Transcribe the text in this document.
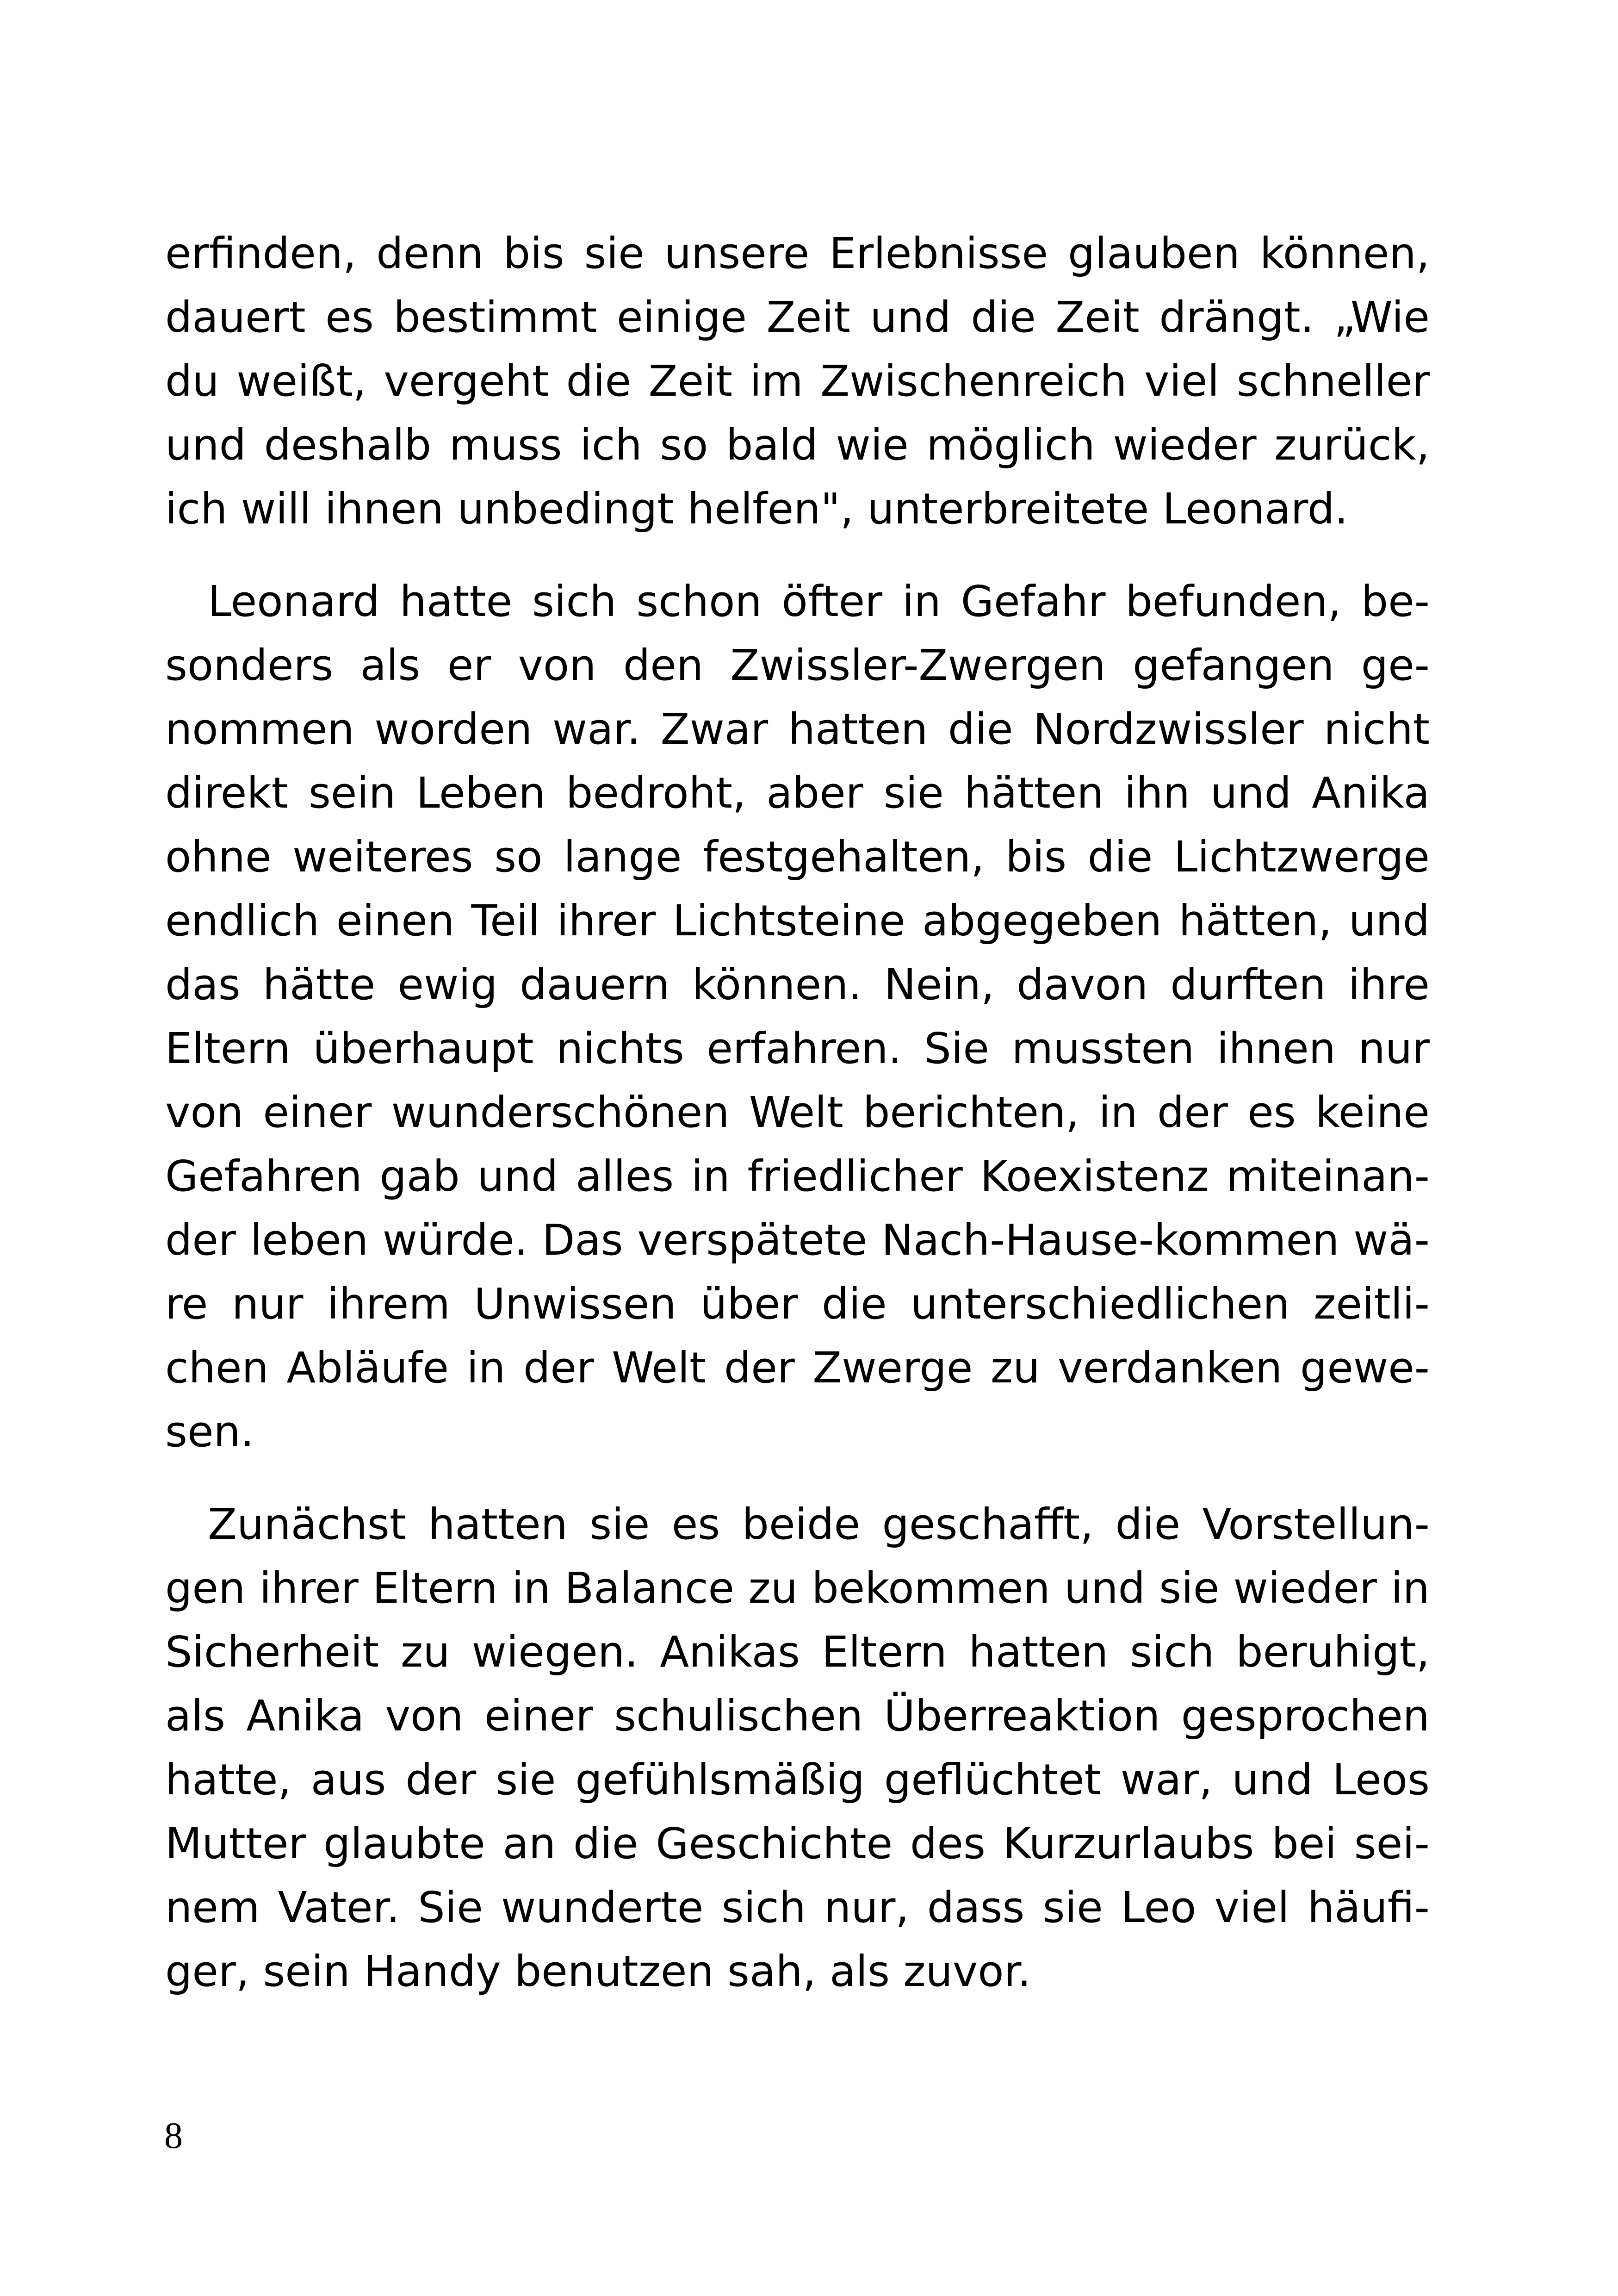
erfinden, denn bis sie unsere Erlebnisse glauben können,
dauert es bestimmt einige Zeit und die Zeit drängt. „Wie
du weißt, vergeht die Zeit im Zwischenreich viel schneller
und deshalb muss ich so bald wie möglich wieder zurück,
ich will ihnen unbedingt helfen", unterbreitete Leonard.
Leonard hatte sich schon öfter in Gefahr befunden, be-
sonders als er von den Zwissler-Zwergen gefangen ge-
nommen worden war. Zwar hatten die Nordzwissler nicht
direkt sein Leben bedroht, aber sie hätten ihn und Anika
ohne weiteres so lange festgehalten, bis die Lichtzwerge
endlich einen Teil ihrer Lichtsteine abgegeben hätten, und
das hätte ewig dauern können. Nein, davon durften ihre
Eltern überhaupt nichts erfahren. Sie mussten ihnen nur
von einer wunderschönen Welt berichten, in der es keine
Gefahren gab und alles in friedlicher Koexistenz miteinan-
der leben würde. Das verspätete Nach-Hause-kommen wä-
re nur ihrem Unwissen über die unterschiedlichen zeitli-
chen Abläufe in der Welt der Zwerge zu verdanken gewe-
sen.
Zunächst hatten sie es beide geschafft, die Vorstellun-
gen ihrer Eltern in Balance zu bekommen und sie wieder in
Sicherheit zu wiegen. Anikas Eltern hatten sich beruhigt,
als Anika von einer schulischen Überreaktion gesprochen
hatte, aus der sie gefühlsmäßig geflüchtet war, und Leos
Mutter glaubte an die Geschichte des Kurzurlaubs bei sei-
nem Vater. Sie wunderte sich nur, dass sie Leo viel häufi-
ger, sein Handy benutzen sah, als zuvor.
8
